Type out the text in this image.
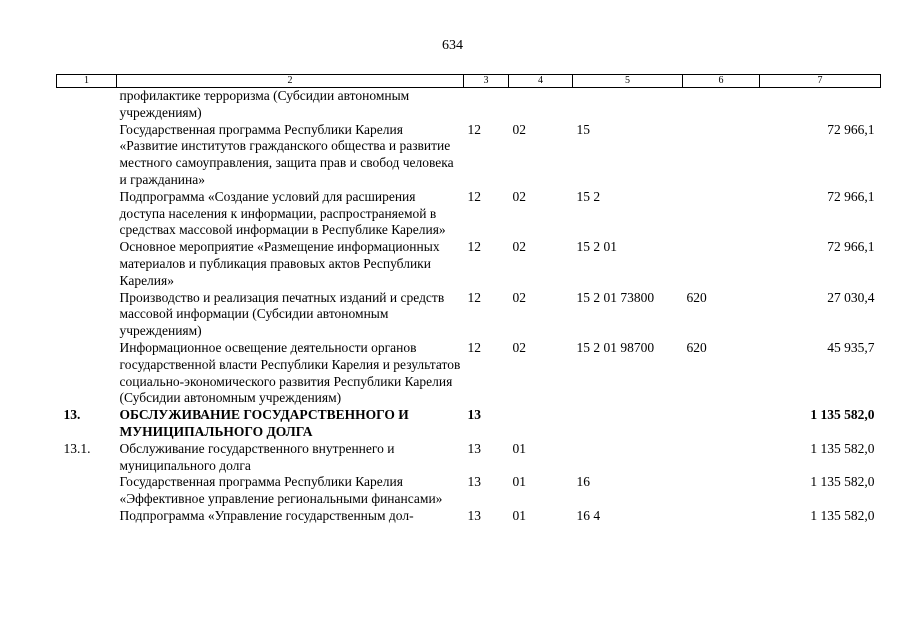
634
1	2	3	4	5	6	7
	профилактике терроризма (Субсидии автономным учреждениям)					
	Государственная программа Республики Карелия «Развитие институтов гражданского общества и развитие местного самоуправления, защита прав и свобод человека и гражданина»	12	02	15		72 966,1
	Подпрограмма «Создание условий для расширения доступа населения к информации, распространяемой в средствах массовой информации в Республике Карелия»	12	02	15 2		72 966,1
	Основное мероприятие «Размещение информационных материалов и публикация правовых актов Республики Карелия»	12	02	15 2 01		72 966,1
	Производство и реализация печатных изданий и средств массовой информации (Субсидии автономным учреждениям)	12	02	15 2 01 73800	620	27 030,4
	Информационное освещение деятельности органов государственной власти Республики Карелия и результатов социально-экономического развития Республики Карелия (Субсидии автономным учреждениям)	12	02	15 2 01 98700	620	45 935,7
13.	ОБСЛУЖИВАНИЕ ГОСУДАРСТВЕННОГО И МУНИЦИПАЛЬНОГО ДОЛГА	13				1 135 582,0
13.1.	Обслуживание государственного внутреннего и муниципального долга	13	01			1 135 582,0
	Государственная программа Республики Карелия «Эффективное управление региональными финансами»	13	01	16		1 135 582,0
	Подпрограмма «Управление государственным дол-	13	01	16 4		1 135 582,0
